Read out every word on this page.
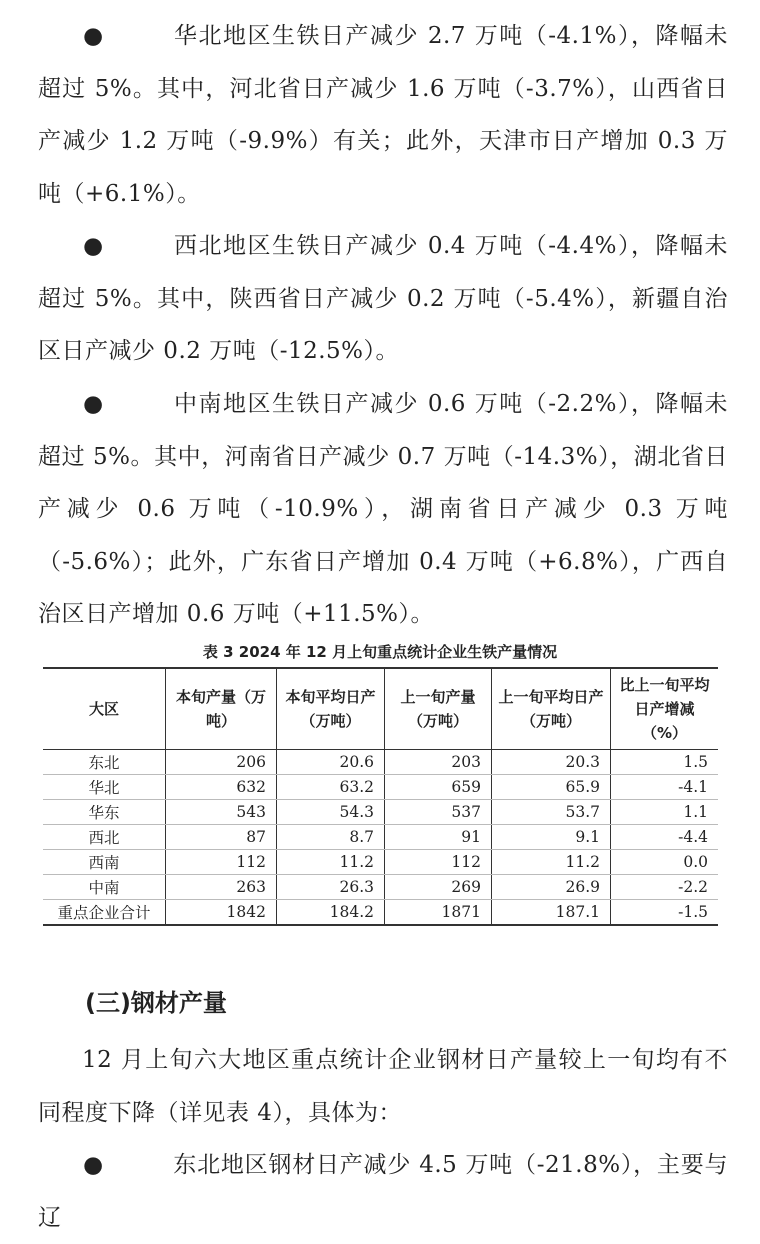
●	华北地区生铁日产减少 2.7 万吨（-4.1%），降幅未超过 5%。其中，河北省日产减少 1.6 万吨（-3.7%），山西省日产减少 1.2 万吨（-9.9%）有关；此外，天津市日产增加 0.3 万吨（+6.1%）。

●	西北地区生铁日产减少 0.4 万吨（-4.4%），降幅未超过 5%。其中，陕西省日产减少 0.2 万吨（-5.4%），新疆自治区日产减少 0.2 万吨（-12.5%）。

●	中南地区生铁日产减少 0.6 万吨（-2.2%），降幅未超过 5%。其中，河南省日产减少 0.7 万吨（-14.3%），湖北省日产减少 0.6 万吨（-10.9%），湖南省日产减少 0.3 万吨（-5.6%）；此外，广东省日产增加 0.4 万吨（+6.8%），广西自治区日产增加 0.6 万吨（+11.5%）。

表 3 2024 年 12 月上旬重点统计企业生铁产量情况
大区	本旬产量（万吨）	本旬平均日产（万吨）	上一旬产量（万吨）	上一旬平均日产（万吨）	比上一旬平均日产增减（%）
东北	206	20.6	203	20.3	1.5
华北	632	63.2	659	65.9	-4.1
华东	543	54.3	537	53.7	1.1
西北	87	8.7	91	9.1	-4.4
西南	112	11.2	112	11.2	0.0
中南	263	26.3	269	26.9	-2.2
重点企业合计	1842	184.2	1871	187.1	-1.5
(三)钢材产量

12 月上旬六大地区重点统计企业钢材日产量较上一旬均有不同程度下降（详见表 4），具体为：

●	东北地区钢材日产减少 4.5 万吨（-21.8%），主要与辽
